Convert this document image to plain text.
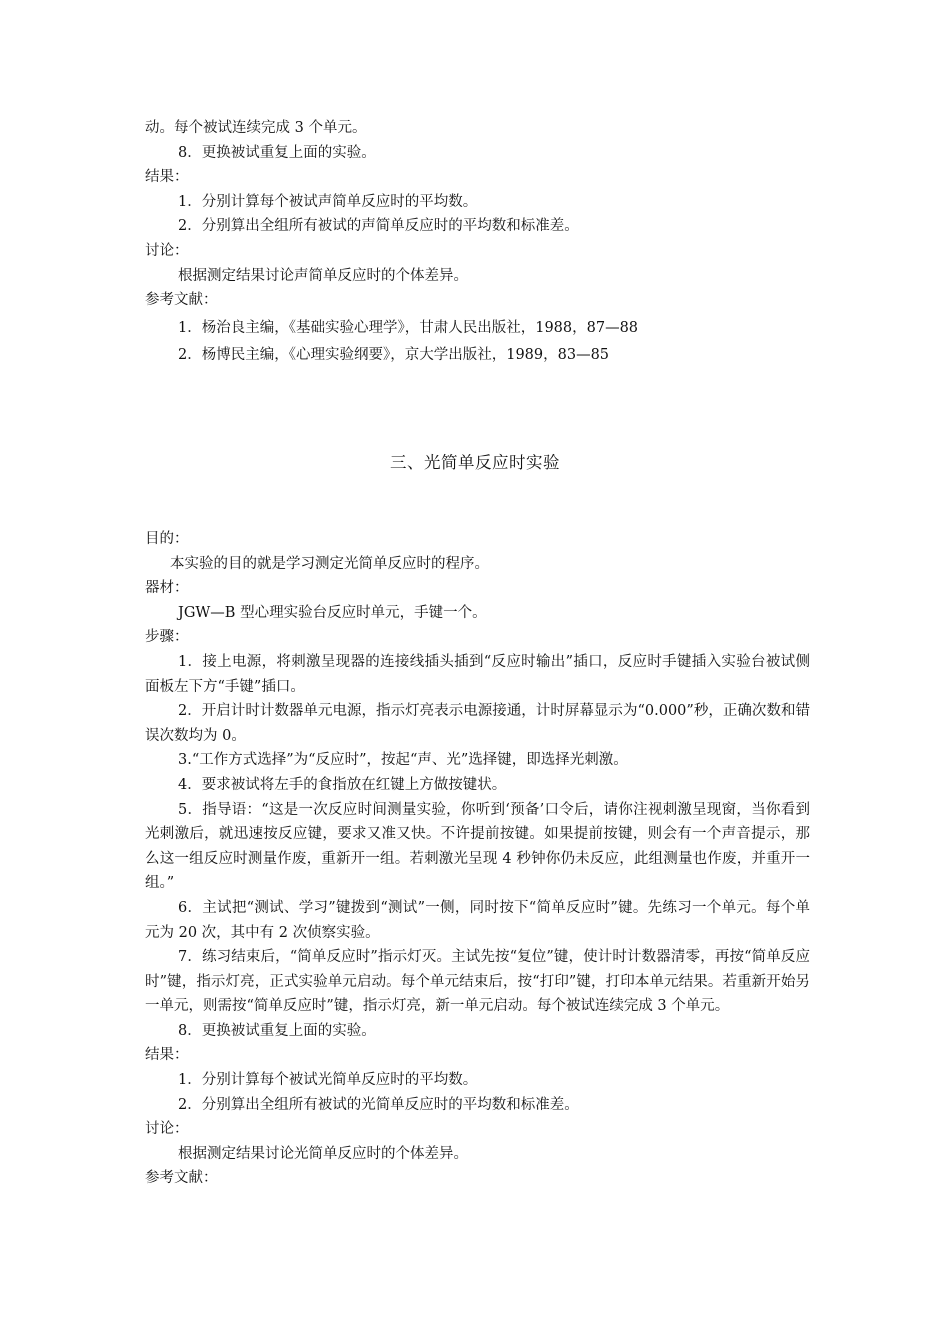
动。每个被试连续完成 3 个单元。
8．更换被试重复上面的实验。
结果：
1．分别计算每个被试声简单反应时的平均数。
2．分别算出全组所有被试的声简单反应时的平均数和标准差。
讨论：
根据测定结果讨论声简单反应时的个体差异。
参考文献：
1．杨治良主编，《基础实验心理学》，甘肃人民出版社，1988，87—88
2．杨博民主编，《心理实验纲要》，京大学出版社，1989，83—85
三、光简单反应时实验
目的：
本实验的目的就是学习测定光简单反应时的程序。
器材：
JGW—B 型心理实验台反应时单元，手键一个。
步骤：
1．接上电源，将刺激呈现器的连接线插头插到“反应时输出”插口，反应时手键插入实验台被试侧面板左下方“手键”插口。
2．开启计时计数器单元电源，指示灯亮表示电源接通，计时屏幕显示为“0.000”秒，正确次数和错误次数均为 0。
3.“工作方式选择”为“反应时”，按起“声、光”选择键，即选择光刺激。
4．要求被试将左手的食指放在红键上方做按键状。
5．指导语：“这是一次反应时间测量实验，你听到‘预备’口令后，请你注视刺激呈现窗，当你看到光刺激后，就迅速按反应键，要求又准又快。不许提前按键。如果提前按键，则会有一个声音提示，那么这一组反应时测量作废，重新开一组。若刺激光呈现 4 秒钟你仍未反应，此组测量也作废，并重开一组。”
6．主试把“测试、学习”键拨到“测试”一侧，同时按下“简单反应时”键。先练习一个单元。每个单元为 20 次，其中有 2 次侦察实验。
7．练习结束后，“简单反应时”指示灯灭。主试先按“复位”键，使计时计数器清零，再按“简单反应时”键，指示灯亮，正式实验单元启动。每个单元结束后，按“打印”键，打印本单元结果。若重新开始另一单元，则需按“简单反应时”键，指示灯亮，新一单元启动。每个被试连续完成 3 个单元。
8．更换被试重复上面的实验。
结果：
1．分别计算每个被试光简单反应时的平均数。
2．分别算出全组所有被试的光简单反应时的平均数和标准差。
讨论：
根据测定结果讨论光简单反应时的个体差异。
参考文献：
